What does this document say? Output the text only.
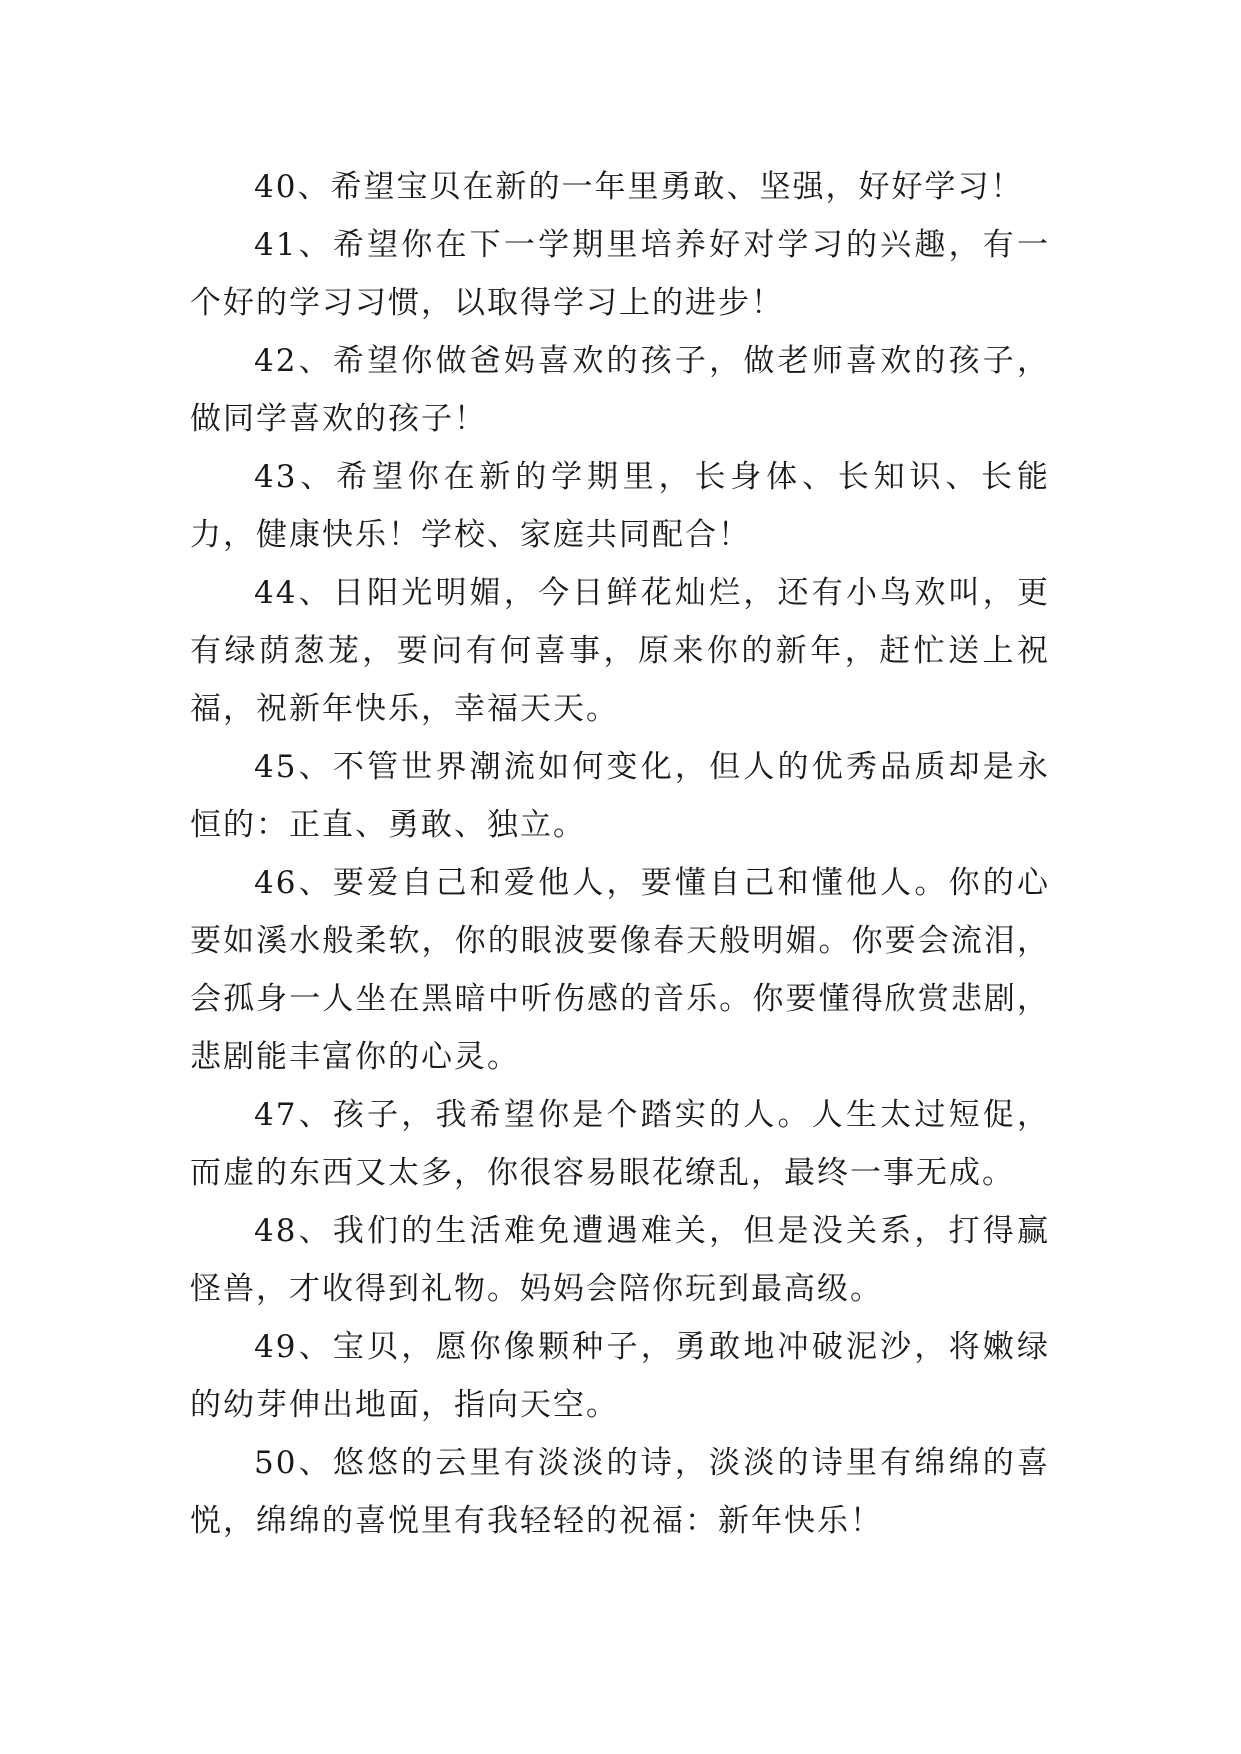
40、希望宝贝在新的一年里勇敢、坚强，好好学习！

41、希望你在下一学期里培养好对学习的兴趣，有一个好的学习习惯，以取得学习上的进步！

42、希望你做爸妈喜欢的孩子，做老师喜欢的孩子，做同学喜欢的孩子！

43、希望你在新的学期里，长身体、长知识、长能力，健康快乐！学校、家庭共同配合！

44、日阳光明媚，今日鲜花灿烂，还有小鸟欢叫，更有绿荫葱茏，要问有何喜事，原来你的新年，赶忙送上祝福，祝新年快乐，幸福天天。

45、不管世界潮流如何变化，但人的优秀品质却是永恒的：正直、勇敢、独立。

46、要爱自己和爱他人，要懂自己和懂他人。你的心要如溪水般柔软，你的眼波要像春天般明媚。你要会流泪，会孤身一人坐在黑暗中听伤感的音乐。你要懂得欣赏悲剧，悲剧能丰富你的心灵。

47、孩子，我希望你是个踏实的人。人生太过短促，而虚的东西又太多，你很容易眼花缭乱，最终一事无成。

48、我们的生活难免遭遇难关，但是没关系，打得赢怪兽，才收得到礼物。妈妈会陪你玩到最高级。

49、宝贝，愿你像颗种子，勇敢地冲破泥沙，将嫩绿的幼芽伸出地面，指向天空。

50、悠悠的云里有淡淡的诗，淡淡的诗里有绵绵的喜悦，绵绵的喜悦里有我轻轻的祝福：新年快乐！
